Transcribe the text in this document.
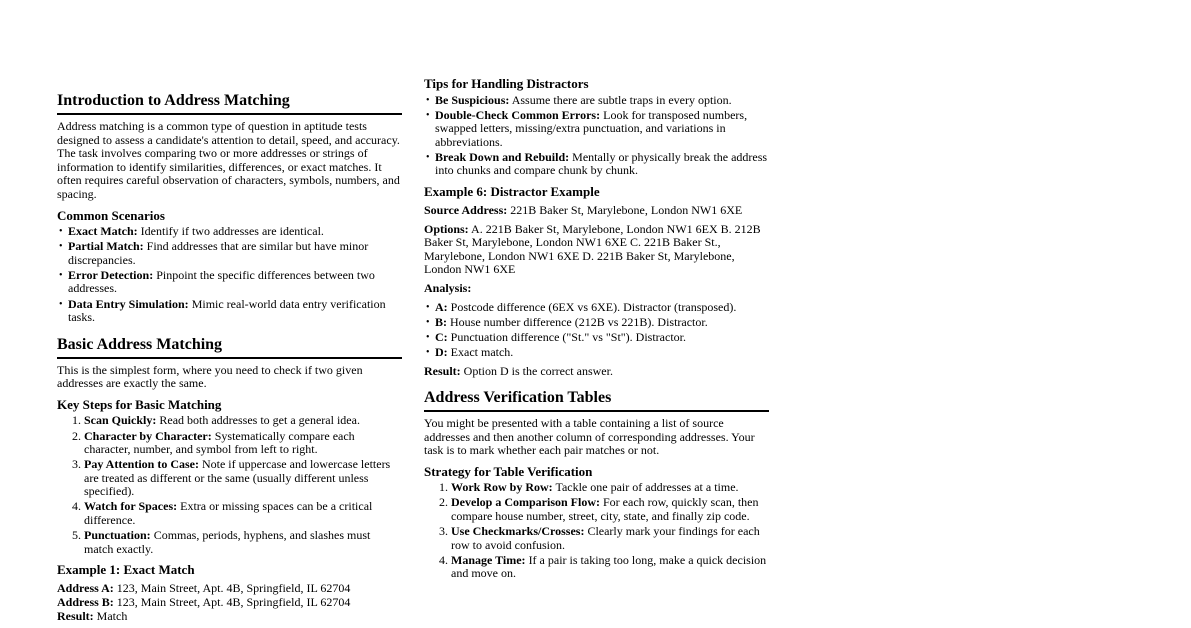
Introduction to Address Matching

Address matching is a common type of question in aptitude tests designed to assess a candidate's attention to detail, speed, and accuracy. The task involves comparing two or more addresses or strings of information to identify similarities, differences, or exact matches. It often requires careful observation of characters, symbols, numbers, and spacing.

Common Scenarios
• Exact Match: Identify if two addresses are identical.
• Partial Match: Find addresses that are similar but have minor discrepancies.
• Error Detection: Pinpoint the specific differences between two addresses.
• Data Entry Simulation: Mimic real-world data entry verification tasks.
Basic Address Matching

This is the simplest form, where you need to check if two given addresses are exactly the same.

Key Steps for Basic Matching
1. Scan Quickly: Read both addresses to get a general idea.
2. Character by Character: Systematically compare each character, number, and symbol from left to right.
3. Pay Attention to Case: Note if uppercase and lowercase letters are treated as different or the same (usually different unless specified).
4. Watch for Spaces: Extra or missing spaces can be a critical difference.
5. Punctuation: Commas, periods, hyphens, and slashes must match exactly.
Example 1: Exact Match
Address A: 123, Main Street, Apt. 4B, Springfield, IL 62704
Address B: 123, Main Street, Apt. 4B, Springfield, IL 62704
Result: Match
Tips for Handling Distractors
• Be Suspicious: Assume there are subtle traps in every option.
• Double-Check Common Errors: Look for transposed numbers, swapped letters, missing/extra punctuation, and variations in abbreviations.
• Break Down and Rebuild: Mentally or physically break the address into chunks and compare chunk by chunk.
Example 6: Distractor Example

Source Address: 221B Baker St, Marylebone, London NW1 6XE

Options: A. 221B Baker St, Marylebone, London NW1 6EX B. 212B Baker St, Marylebone, London NW1 6XE C. 221B Baker St., Marylebone, London NW1 6XE D. 221B Baker St, Marylebone, London NW1 6XE

Analysis:

• A: Postcode difference (6EX vs 6XE). Distractor (transposed).
• B: House number difference (212B vs 221B). Distractor.
• C: Punctuation difference ("St." vs "St"). Distractor.
• D: Exact match.

Result: Option D is the correct answer.

Address Verification Tables

You might be presented with a table containing a list of source addresses and then another column of corresponding addresses. Your task is to mark whether each pair matches or not.

Strategy for Table Verification
1. Work Row by Row: Tackle one pair of addresses at a time.
2. Develop a Comparison Flow: For each row, quickly scan, then compare house number, street, city, state, and finally zip code.
3. Use Checkmarks/Crosses: Clearly mark your findings for each row to avoid confusion.
4. Manage Time: If a pair is taking too long, make a quick decision and move on.
